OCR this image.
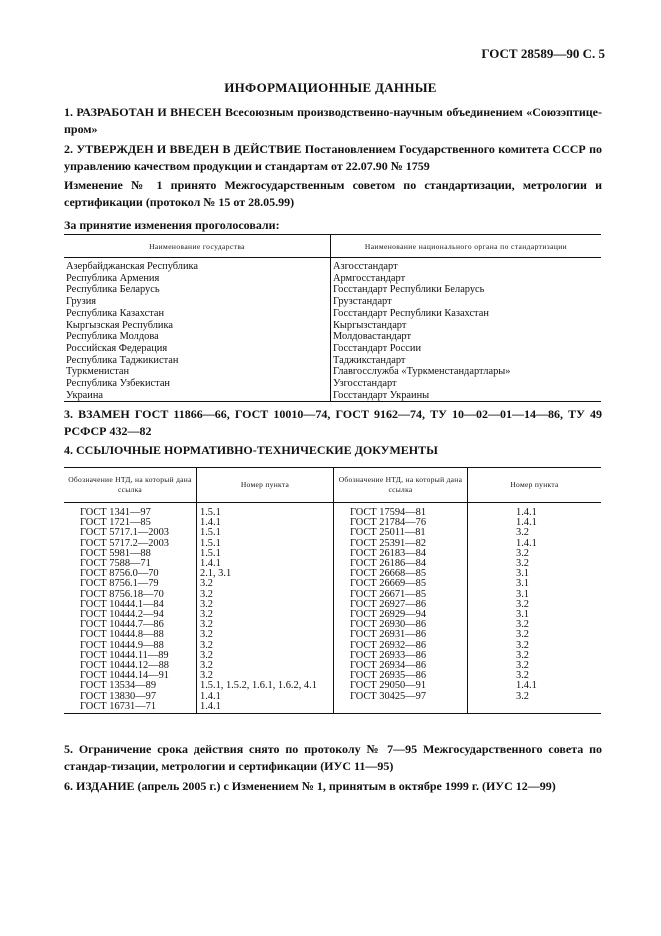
ГОСТ 28589—90 С. 5
ИНФОРМАЦИОННЫЕ ДАННЫЕ
1. РАЗРАБОТАН И ВНЕСЕН Всесоюзным производственно-научным объединением «Союзэптице-пром»
2. УТВЕРЖДЕН И ВВЕДЕН В ДЕЙСТВИЕ Постановлением Государственного комитета СССР по управлению качеством продукции и стандартам от 22.07.90 № 1759
Изменение № 1 принято Межгосударственным советом по стандартизации, метрологии и сертификации (протокол № 15 от 28.05.99)
За принятие изменения проголосовали:
Наименование государства	Наименование национального органа по стандартизации
Азербайджанская Республика	Азгосстандарт
Республика Армения	Армгосстандарт
Республика Беларусь	Госстандарт Республики Беларусь
Грузия	Грузстандарт
Республика Казахстан	Госстандарт Республики Казахстан
Кыргызская Республика	Кыргызстандарт
Республика Молдова	Молдовастандарт
Российская Федерация	Госстандарт России
Республика Таджикистан	Таджикстандарт
Туркменистан	Главгосслужба «Туркменстандартлары»
Республика Узбекистан	Узгосстандарт
Украина	Госстандарт Украины
3. ВЗАМЕН ГОСТ 11866—66, ГОСТ 10010—74, ГОСТ 9162—74, ТУ 10—02—01—14—86, ТУ 49 РСФСР 432—82
4. ССЫЛОЧНЫЕ НОРМАТИВНО-ТЕХНИЧЕСКИЕ ДОКУМЕНТЫ
Обозначение НТД, на который дана ссылка	Номер пункта	Обозначение НТД, на который дана ссылка	Номер пункта
ГОСТ 1341—97	1.5.1	ГОСТ 17594—81	1.4.1
ГОСТ 1721—85	1.4.1	ГОСТ 21784—76	1.4.1
ГОСТ 5717.1—2003	1.5.1	ГОСТ 25011—81	3.2
ГОСТ 5717.2—2003	1.5.1	ГОСТ 25391—82	1.4.1
ГОСТ 5981—88	1.5.1	ГОСТ 26183—84	3.2
ГОСТ 7588—71	1.4.1	ГОСТ 26186—84	3.2
ГОСТ 8756.0—70	2.1, 3.1	ГОСТ 26668—85	3.1
ГОСТ 8756.1—79	3.2	ГОСТ 26669—85	3.1
ГОСТ 8756.18—70	3.2	ГОСТ 26671—85	3.1
ГОСТ 10444.1—84	3.2	ГОСТ 26927—86	3.2
ГОСТ 10444.2—94	3.2	ГОСТ 26929—94	3.1
ГОСТ 10444.7—86	3.2	ГОСТ 26930—86	3.2
ГОСТ 10444.8—88	3.2	ГОСТ 26931—86	3.2
ГОСТ 10444.9—88	3.2	ГОСТ 26932—86	3.2
ГОСТ 10444.11—89	3.2	ГОСТ 26933—86	3.2
ГОСТ 10444.12—88	3.2	ГОСТ 26934—86	3.2
ГОСТ 10444.14—91	3.2	ГОСТ 26935—86	3.2
ГОСТ 13534—89	1.5.1, 1.5.2, 1.6.1, 1.6.2, 4.1	ГОСТ 29050—91	1.4.1
ГОСТ 13830—97	1.4.1	ГОСТ 30425—97	3.2
ГОСТ 16731—71	1.4.1		
5. Ограничение срока действия снято по протоколу № 7—95 Межгосударственного совета по стандар-тизации, метрологии и сертификации (ИУС 11—95)
6. ИЗДАНИЕ (апрель 2005 г.) с Изменением № 1, принятым в октябре 1999 г. (ИУС 12—99)
